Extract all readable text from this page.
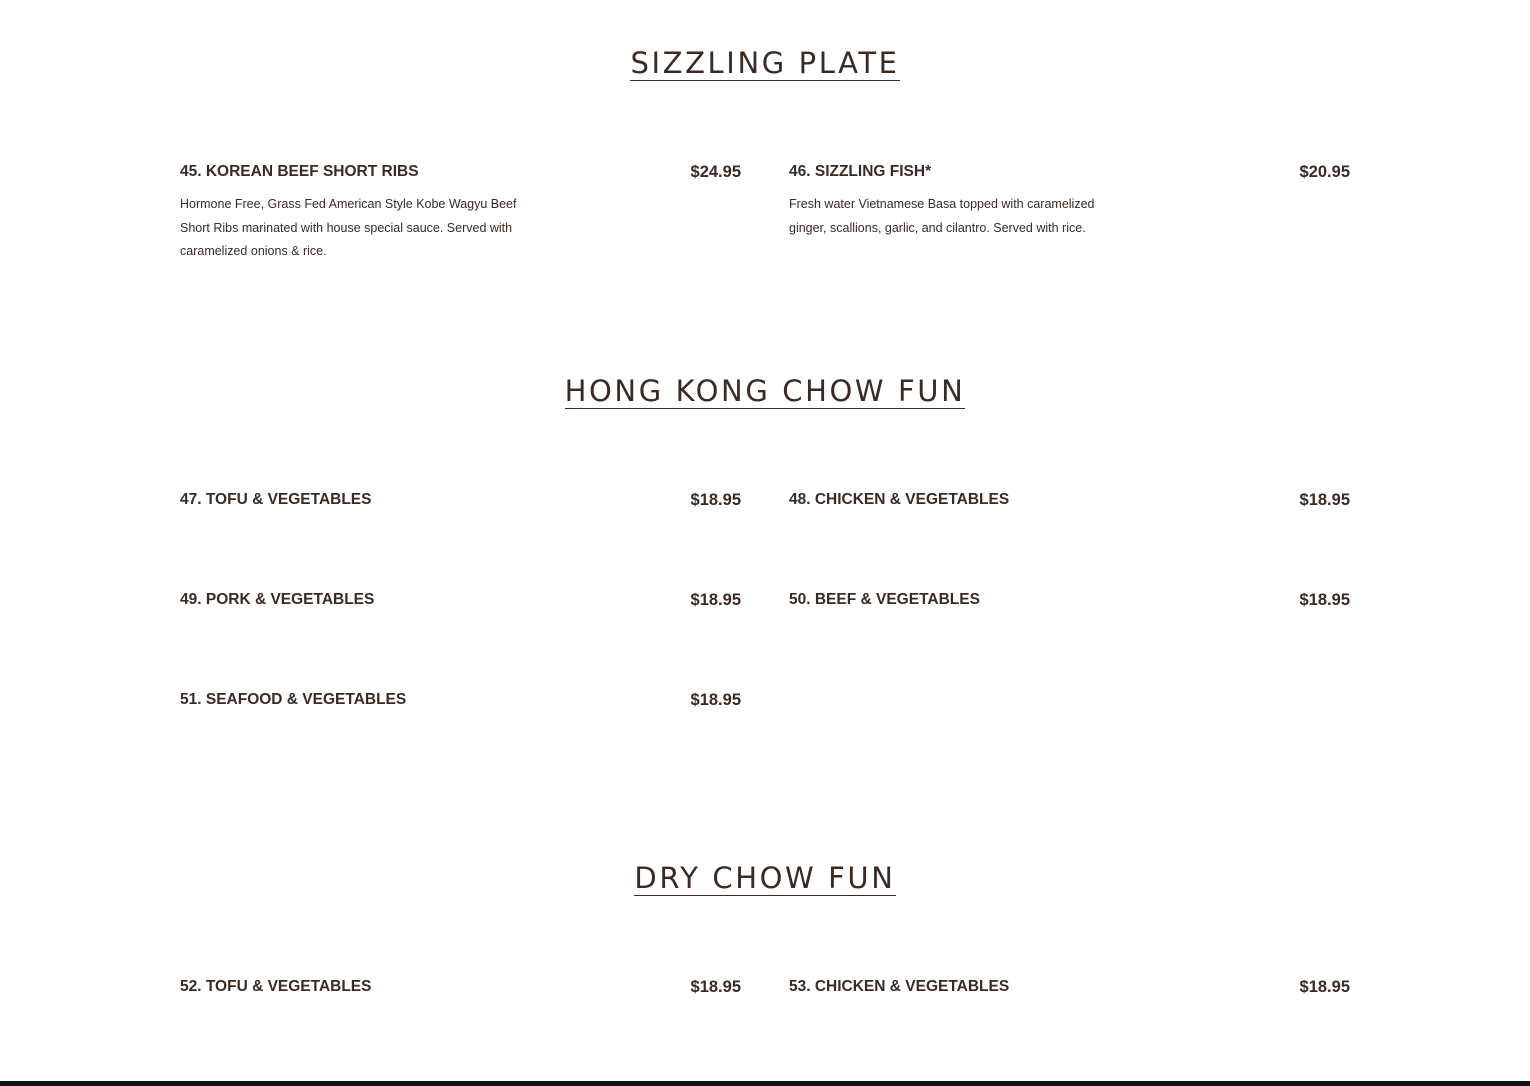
SIZZLING PLATE
45. KOREAN BEEF SHORT RIBS	$24.95
Hormone Free, Grass Fed American Style Kobe Wagyu Beef Short Ribs marinated with house special sauce. Served with caramelized onions & rice.
46. SIZZLING FISH*	$20.95
Fresh water Vietnamese Basa topped with caramelized ginger, scallions, garlic, and cilantro. Served with rice.
HONG KONG CHOW FUN
47. TOFU & VEGETABLES	$18.95	48. CHICKEN & VEGETABLES	$18.95
49. PORK & VEGETABLES	$18.95	50. BEEF & VEGETABLES	$18.95
51. SEAFOOD & VEGETABLES	$18.95
DRY CHOW FUN
52. TOFU & VEGETABLES	$18.95	53. CHICKEN & VEGETABLES	$18.95
